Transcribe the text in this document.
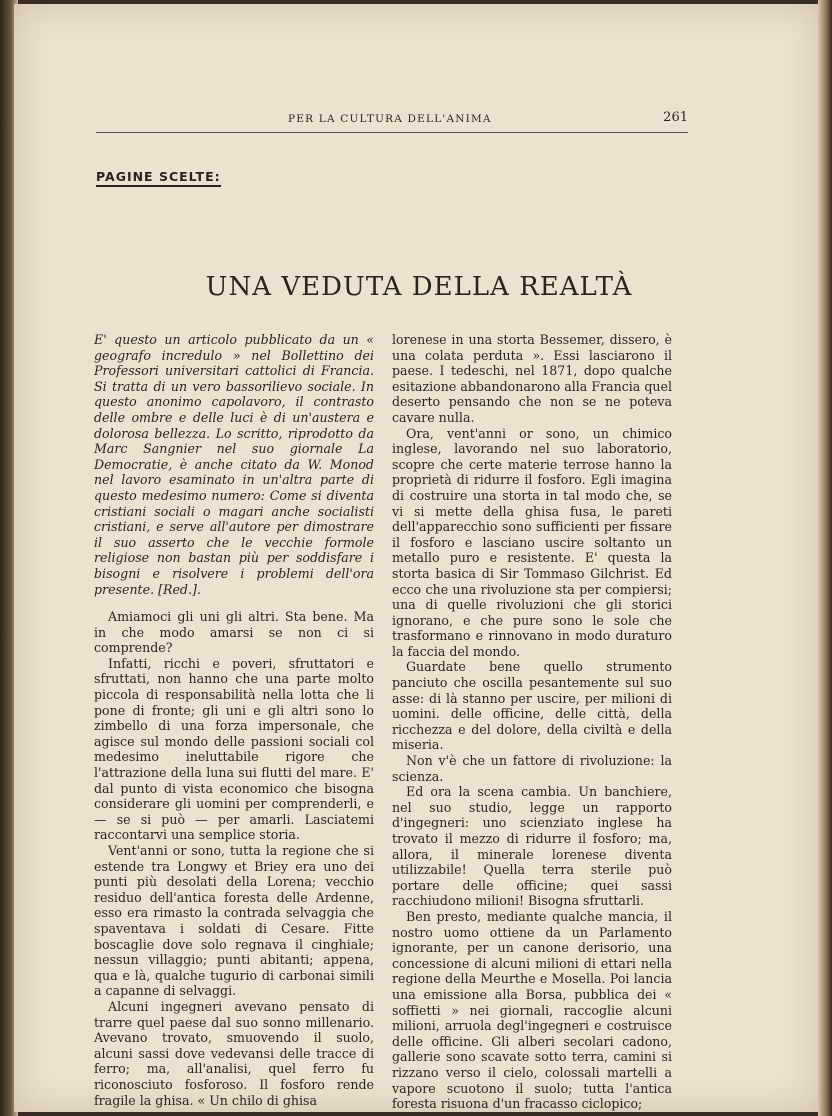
PER LA CULTURA DELL'ANIMA	261
PAGINE SCELTE:
UNA VEDUTA DELLA REALTÀ

E' questo un articolo pubblicato da un « geografo incredulo » nel Bollettino dei Professori universitari cattolici di Francia. Si tratta di un vero bassorilievo sociale. In questo anonimo capolavoro, il contrasto delle ombre e delle luci è di un'austera e dolorosa bellezza. Lo scritto, riprodotto da Marc Sangnier nel suo giornale La Democratie, è anche citato da W. Monod nel lavoro esaminato in un'altra parte di questo medesimo numero: Come si diventa cristiani sociali o magari anche socialisti cristiani, e serve all'autore per dimostrare il suo asserto che le vecchie formole religiose non bastan più per soddisfare i bisogni e risolvere i problemi dell'ora presente. [Red.].

Amiamoci gli uni gli altri. Sta bene. Ma in che modo amarsi se non ci si comprende?

Infatti, ricchi e poveri, sfruttatori e sfruttati, non hanno che una parte molto piccola di responsabilità nella lotta che li pone di fronte; gli uni e gli altri sono lo zimbello di una forza impersonale, che agisce sul mondo delle passioni sociali col medesimo ineluttabile rigore che l'attrazione della luna sui flutti del mare. E' dal punto di vista economico che bisogna considerare gli uomini per comprenderli, e — se si può — per amarli. Lasciatemi raccontarvi una semplice storia.

Vent'anni or sono, tutta la regione che si estende tra Longwy et Briey era uno dei punti più desolati della Lorena; vecchio residuo dell'antica foresta delle Ardenne, esso era rimasto la contrada selvaggia che spaventava i soldati di Cesare. Fitte boscaglie dove solo regnava il cinghiale; nessun villaggio; punti abitanti; appena, qua e là, qualche tugurio di carbonai simili a capanne di selvaggi.

Alcuni ingegneri avevano pensato di trarre quel paese dal suo sonno millenario. Avevano trovato, smuovendo il suolo, alcuni sassi dove vedevansi delle tracce di ferro; ma, all'analisi, quel ferro fu riconosciuto fosforoso. Il fosforo rende fragile la ghisa. « Un chilo di ghisa

lorenese in una storta Bessemer, dissero, è una colata perduta ». Essi lasciarono il paese. I tedeschi, nel 1871, dopo qualche esitazione abbandonarono alla Francia quel deserto pensando che non se ne poteva cavare nulla.

Ora, vent'anni or sono, un chimico inglese, lavorando nel suo laboratorio, scopre che certe materie terrose hanno la proprietà di ridurre il fosforo. Egli imagina di costruire una storta in tal modo che, se vi si mette della ghisa fusa, le pareti dell'apparecchio sono sufficienti per fissare il fosforo e lasciano uscire soltanto un metallo puro e resistente. E' questa la storta basica di Sir Tommaso Gilchrist. Ed ecco che una rivoluzione sta per compiersi; una di quelle rivoluzioni che gli storici ignorano, e che pure sono le sole che trasformano e rinnovano in modo duraturo la faccia del mondo.

Guardate bene quello strumento panciuto che oscilla pesantemente sul suo asse: di là stanno per uscire, per milioni di uomini. delle officine, delle città, della ricchezza e del dolore, della civiltà e della miseria.

Non v'è che un fattore di rivoluzione: la scienza.

Ed ora la scena cambia. Un banchiere, nel suo studio, legge un rapporto d'ingegneri: uno scienziato inglese ha trovato il mezzo di ridurre il fosforo; ma, allora, il minerale lorenese diventa utilizzabile! Quella terra sterile può portare delle officine; quei sassi racchiudono milioni! Bisogna sfruttarli.

Ben presto, mediante qualche mancia, il nostro uomo ottiene da un Parlamento ignorante, per un canone derisorio, una concessione di alcuni milioni di ettari nella regione della Meurthe e Mosella. Poi lancia una emissione alla Borsa, pubblica dei « soffietti » nei giornali, raccoglie alcuni milioni, arruola degl'ingegneri e costruisce delle officine. Gli alberi secolari cadono, gallerie sono scavate sotto terra, camini si rizzano verso il cielo, colossali martelli a vapore scuotono il suolo; tutta l'antica foresta risuona d'un fracasso ciclopico;
